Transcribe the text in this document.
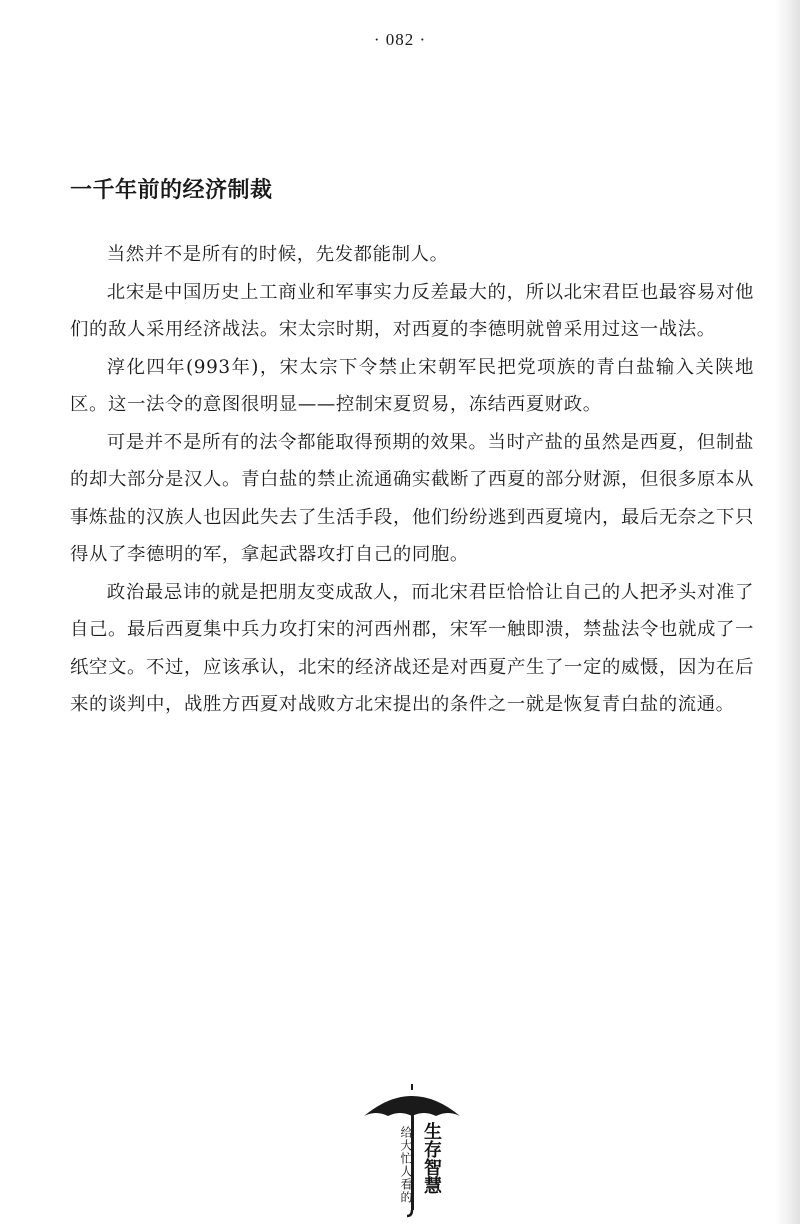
· 082 ·
一千年前的经济制裁

当然并不是所有的时候，先发都能制人。

北宋是中国历史上工商业和军事实力反差最大的，所以北宋君臣也最容易对他们的敌人采用经济战法。宋太宗时期，对西夏的李德明就曾采用过这一战法。

淳化四年(993年)，宋太宗下令禁止宋朝军民把党项族的青白盐输入关陕地区。这一法令的意图很明显——控制宋夏贸易，冻结西夏财政。

可是并不是所有的法令都能取得预期的效果。当时产盐的虽然是西夏，但制盐的却大部分是汉人。青白盐的禁止流通确实截断了西夏的部分财源，但很多原本从事炼盐的汉族人也因此失去了生活手段，他们纷纷逃到西夏境内，最后无奈之下只得从了李德明的军，拿起武器攻打自己的同胞。

政治最忌讳的就是把朋友变成敌人，而北宋君臣恰恰让自己的人把矛头对准了自己。最后西夏集中兵力攻打宋的河西州郡，宋军一触即溃，禁盐法令也就成了一纸空文。不过，应该承认，北宋的经济战还是对西夏产生了一定的威慑，因为在后来的谈判中，战胜方西夏对战败方北宋提出的条件之一就是恢复青白盐的流通。

生存智慧
给大忙人看的
